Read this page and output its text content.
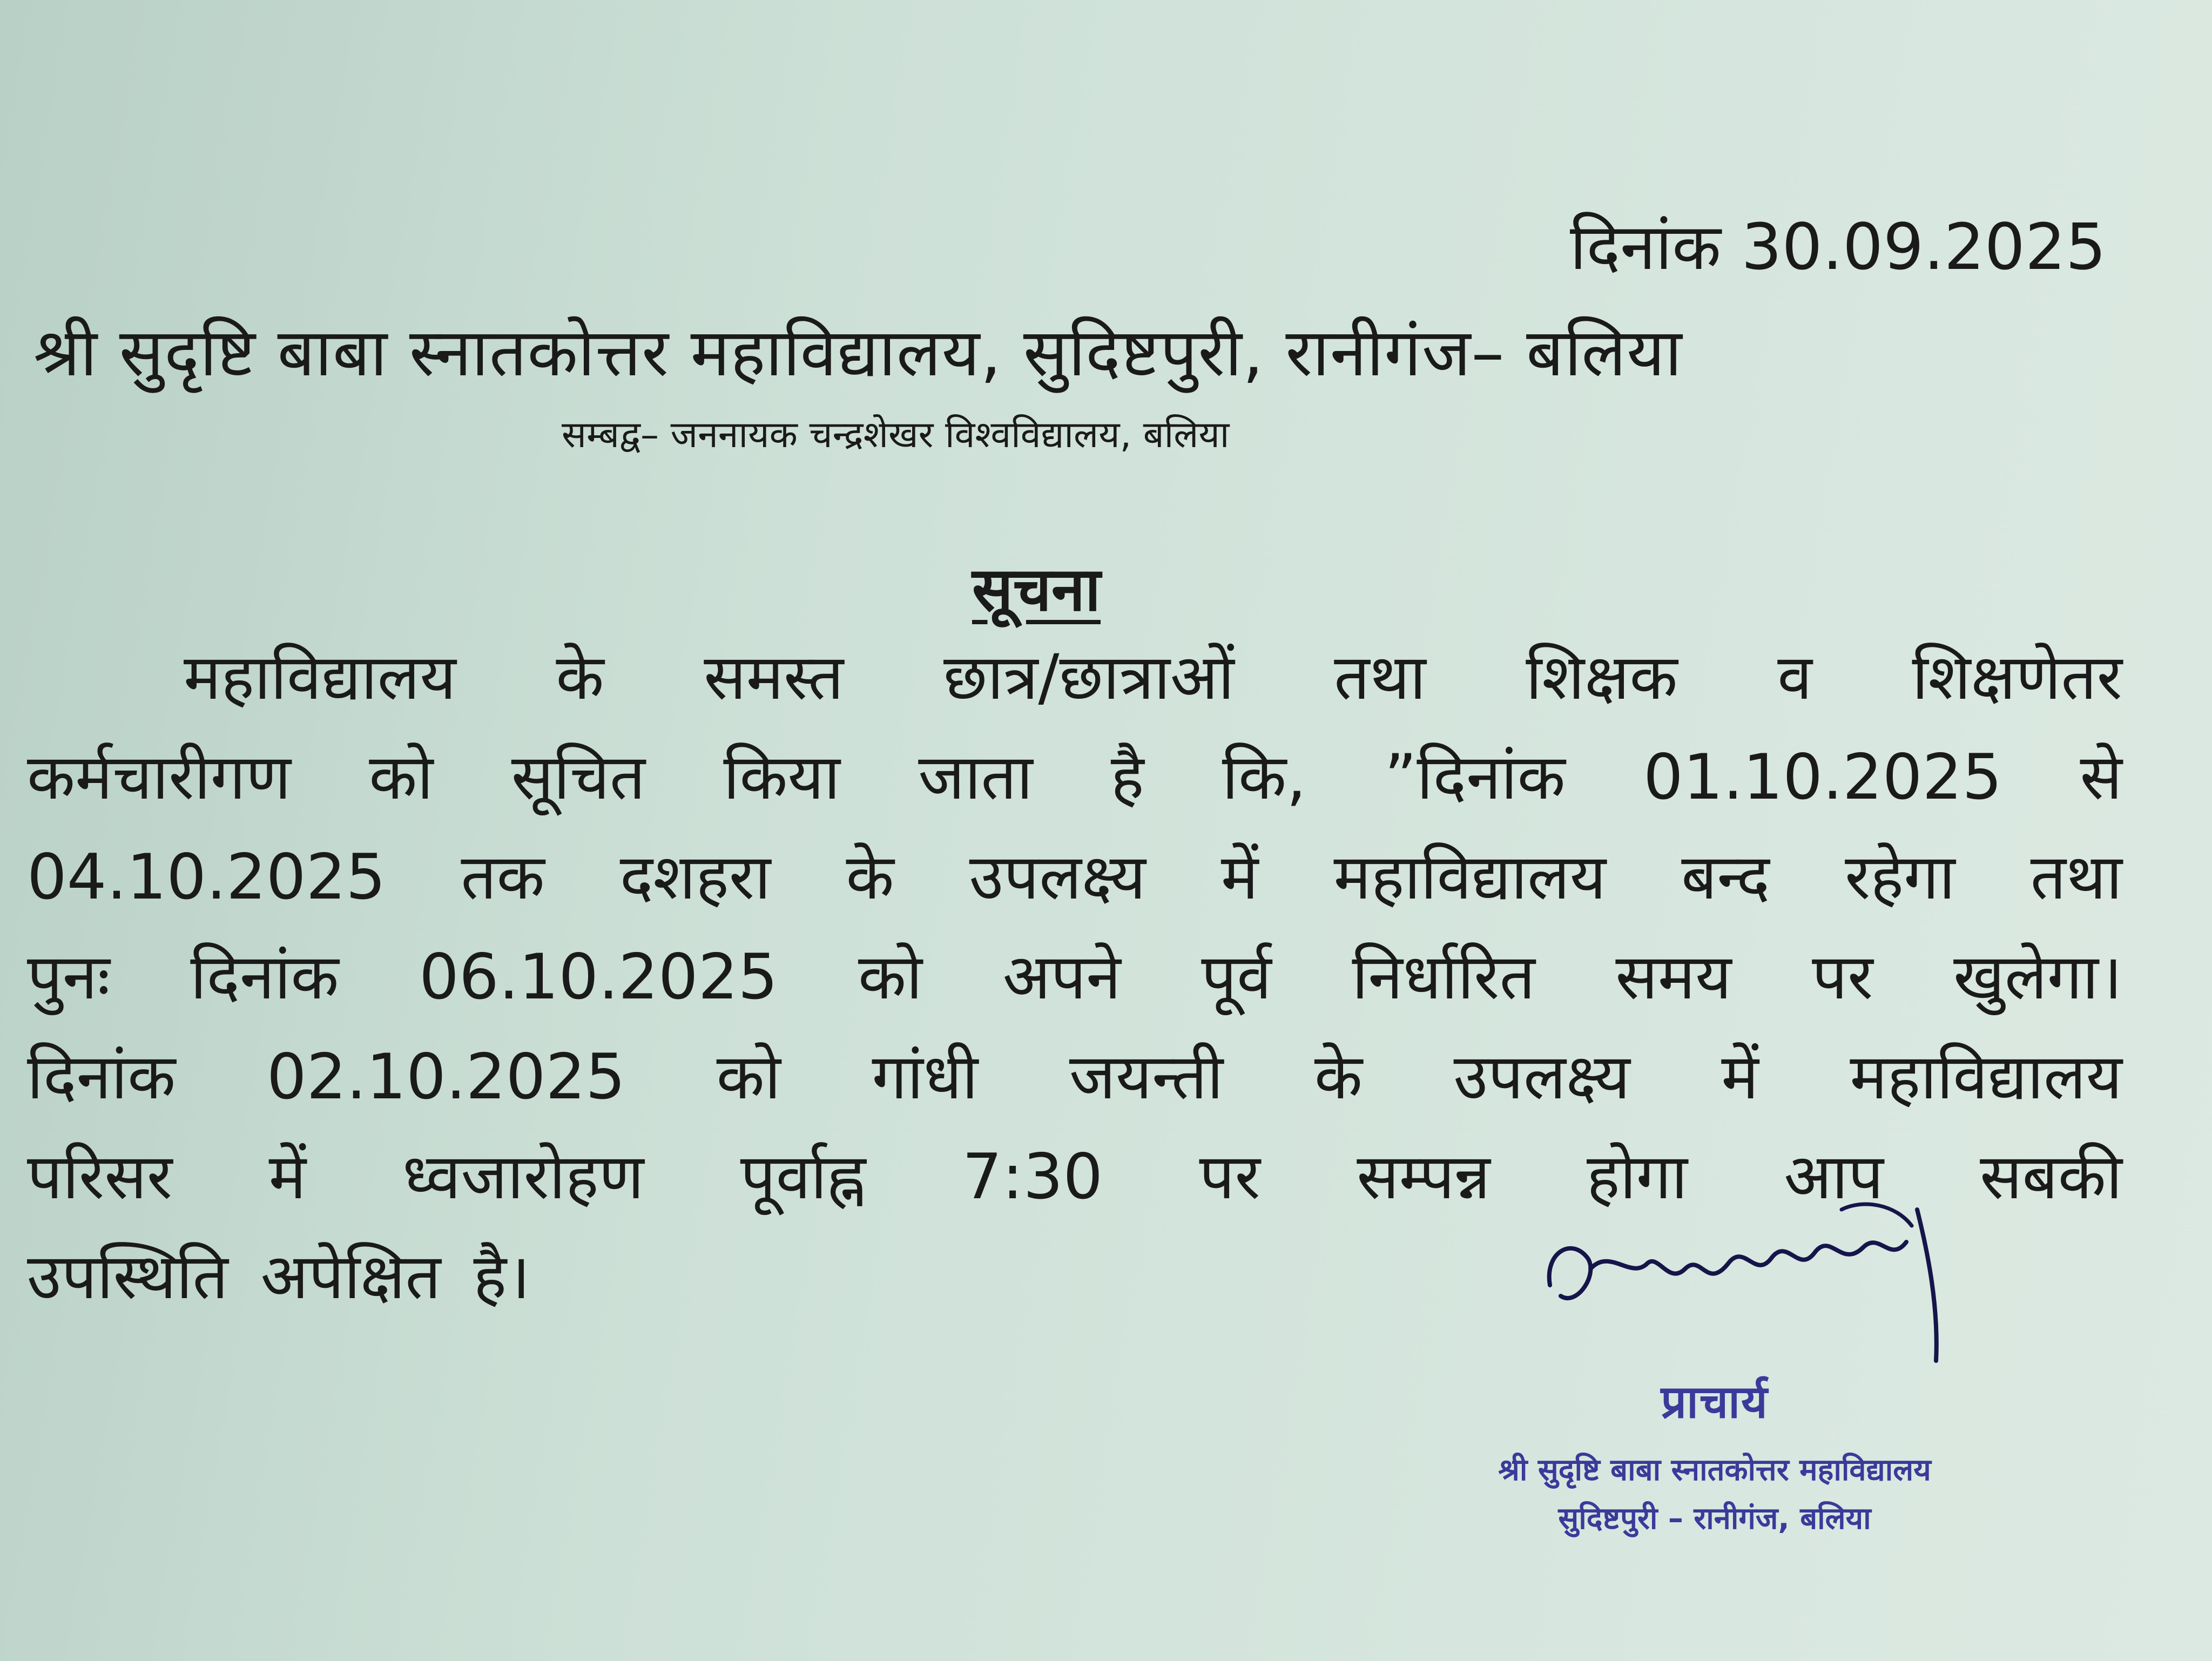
दिनांक 30.09.2025
श्री सुदृष्टि बाबा स्नातकोत्तर महाविद्यालय, सुदिष्टपुरी, रानीगंज– बलिया
सम्बद्व– जननायक चन्द्रशेखर विश्वविद्यालय, बलिया
सूचना
महाविद्यालय के समस्त छात्र/छात्राओं तथा शिक्षक व शिक्षणेतर
कर्मचारीगण को सूचित किया जाता है कि, ”दिनांक 01.10.2025 से
04.10.2025 तक दशहरा के उपलक्ष्य में महाविद्यालय बन्द रहेगा तथा
पुनः दिनांक 06.10.2025 को अपने पूर्व निर्धारित समय पर खुलेगा।
दिनांक 02.10.2025 को गांधी जयन्ती के उपलक्ष्य में महाविद्यालय
परिसर में ध्वजारोहण पूर्वाह्न 7:30 पर सम्पन्न होगा आप सबकी
उपस्थिति अपेक्षित है।
प्राचार्य
श्री सुदृष्टि बाबा स्नातकोत्तर महाविद्यालय
सुदिष्टपुरी – रानीगंज, बलिया
